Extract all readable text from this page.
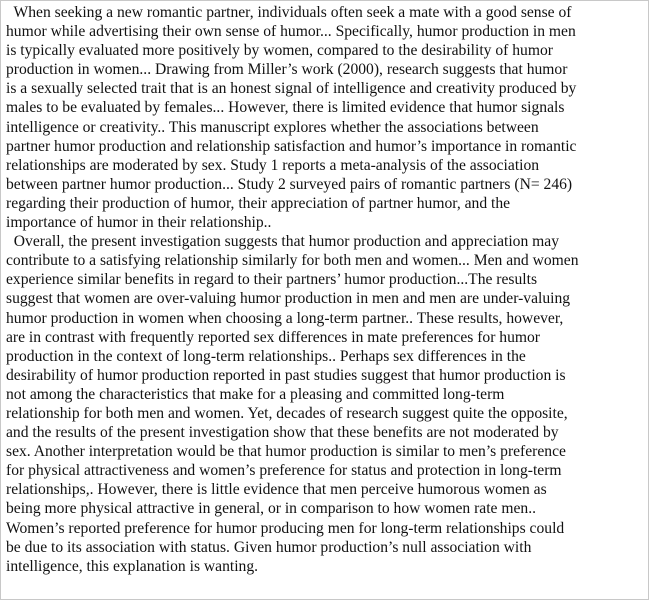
When seeking a new romantic partner, individuals often seek a mate with a good sense of
humor while advertising their own sense of humor... Specifically, humor production in men
is typically evaluated more positively by women, compared to the desirability of humor
production in women... Drawing from Miller’s work (2000), research suggests that humor
is a sexually selected trait that is an honest signal of intelligence and creativity produced by
males to be evaluated by females... However, there is limited evidence that humor signals
intelligence or creativity.. This manuscript explores whether the associations between
partner humor production and relationship satisfaction and humor’s importance in romantic
relationships are moderated by sex. Study 1 reports a meta-analysis of the association
between partner humor production... Study 2 surveyed pairs of romantic partners (N= 246)
regarding their production of humor, their appreciation of partner humor, and the
importance of humor in their relationship..
Overall, the present investigation suggests that humor production and appreciation may
contribute to a satisfying relationship similarly for both men and women... Men and women
experience similar benefits in regard to their partners’ humor production...The results
suggest that women are over-valuing humor production in men and men are under-valuing
humor production in women when choosing a long-term partner.. These results, however,
are in contrast with frequently reported sex differences in mate preferences for humor
production in the context of long-term relationships.. Perhaps sex differences in the
desirability of humor production reported in past studies suggest that humor production is
not among the characteristics that make for a pleasing and committed long-term
relationship for both men and women. Yet, decades of research suggest quite the opposite,
and the results of the present investigation show that these benefits are not moderated by
sex. Another interpretation would be that humor production is similar to men’s preference
for physical attractiveness and women’s preference for status and protection in long-term
relationships,. However, there is little evidence that men perceive humorous women as
being more physical attractive in general, or in comparison to how women rate men..
Women’s reported preference for humor producing men for long-term relationships could
be due to its association with status. Given humor production’s null association with
intelligence, this explanation is wanting.
